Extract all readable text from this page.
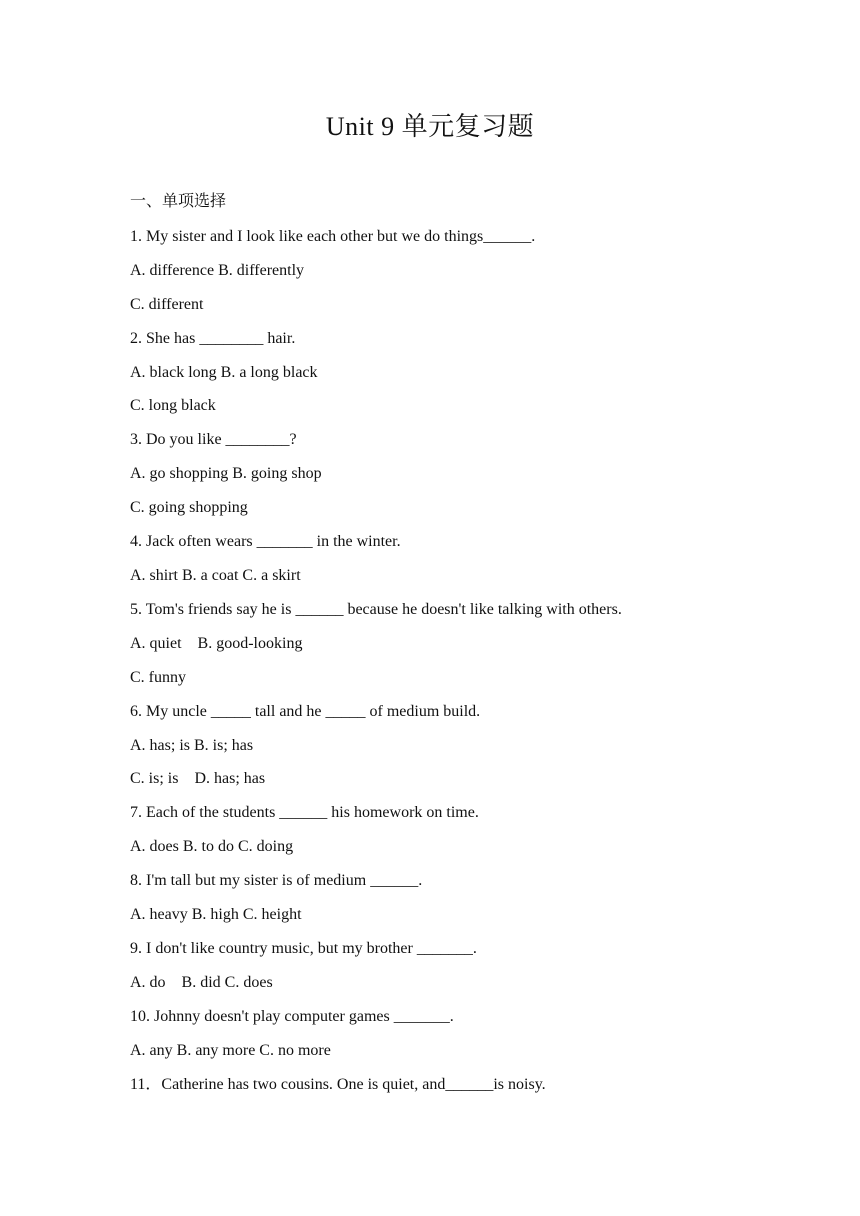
Unit 9 单元复习题
一、单项选择
1. My sister and I look like each other but we do things______.
A. difference B. differently
C. different
2. She has ________ hair.
A. black long B. a long black
C. long black
3. Do you like ________?
A. go shopping B. going shop
C. going shopping
4. Jack often wears _______ in the winter.
A. shirt B. a coat C. a skirt
5. Tom's friends say he is ______ because he doesn't like talking with others.
A. quiet    B. good-looking
C. funny
6. My uncle _____ tall and he _____ of medium build.
A. has; is B. is; has
C. is; is    D. has; has
7. Each of the students ______ his homework on time.
A. does B. to do C. doing
8. I'm tall but my sister is of medium ______.
A. heavy B. high C. height
9. I don't like country music, but my brother _______.
A. do    B. did C. does
10. Johnny doesn't play computer games _______.
A. any B. any more C. no more
11．Catherine has two cousins. One is quiet, and______is noisy.
